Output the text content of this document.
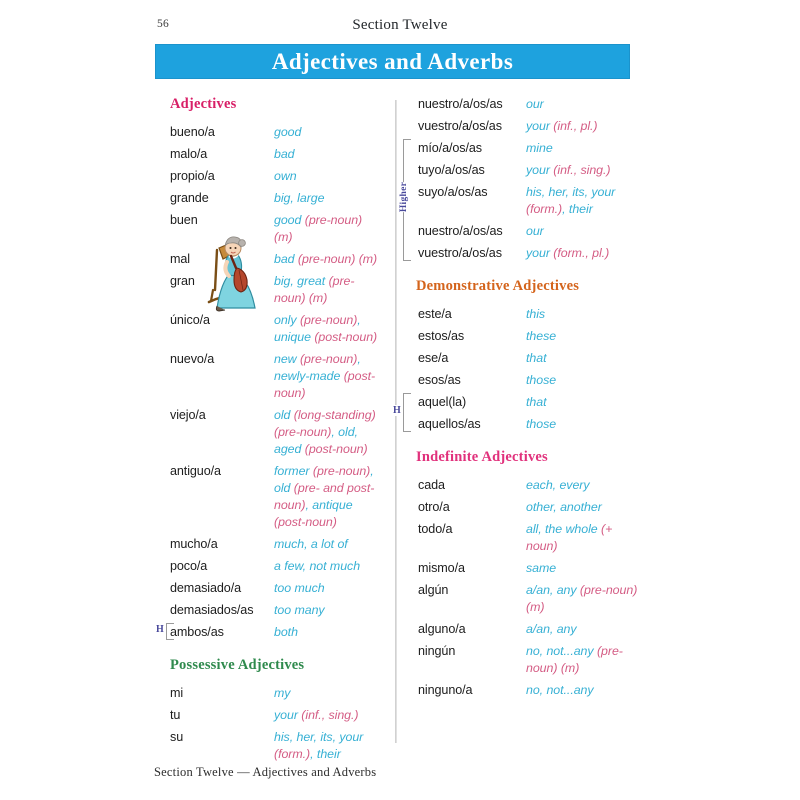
56	Section Twelve
Adjectives and Adverbs
Adjectives
bueno/a	good
malo/a	bad
propio/a	own
grande	big, large
buen	good (pre-noun) (m)
mal	bad (pre-noun) (m)
gran	big, great (pre-noun) (m)
único/a	only (pre-noun), unique (post-noun)
nuevo/a	new (pre-noun), newly-made (post-noun)
viejo/a	old (long-standing) (pre-noun), old, aged (post-noun)
antiguo/a	former (pre-noun), old (pre- and post-noun), antique (post-noun)
mucho/a	much, a lot of
poco/a	a few, not much
demasiado/a	too much
demasiados/as	too many
ambos/as	both
Possessive Adjectives
mi	my
tu	your (inf., sing.)
su	his, her, its, your (form.), their
nuestro/a/os/as	our
vuestro/a/os/as	your (inf., pl.)
mío/a/os/as	mine
tuyo/a/os/as	your (inf., sing.)
suyo/a/os/as	his, her, its, your (form.), their
nuestro/a/os/as	our
vuestro/a/os/as	your (form., pl.)
Demonstrative Adjectives
este/a	this
estos/as	these
ese/a	that
esos/as	those
aquel(la)	that
aquellos/as	those
Indefinite Adjectives
cada	each, every
otro/a	other, another
todo/a	all, the whole (+ noun)
mismo/a	same
algún	a/an, any (pre-noun) (m)
alguno/a	a/an, any
ningún	no, not...any (pre-noun) (m)
ninguno/a	no, not...any
Section Twelve — Adjectives and Adverbs
H
Higher
H
